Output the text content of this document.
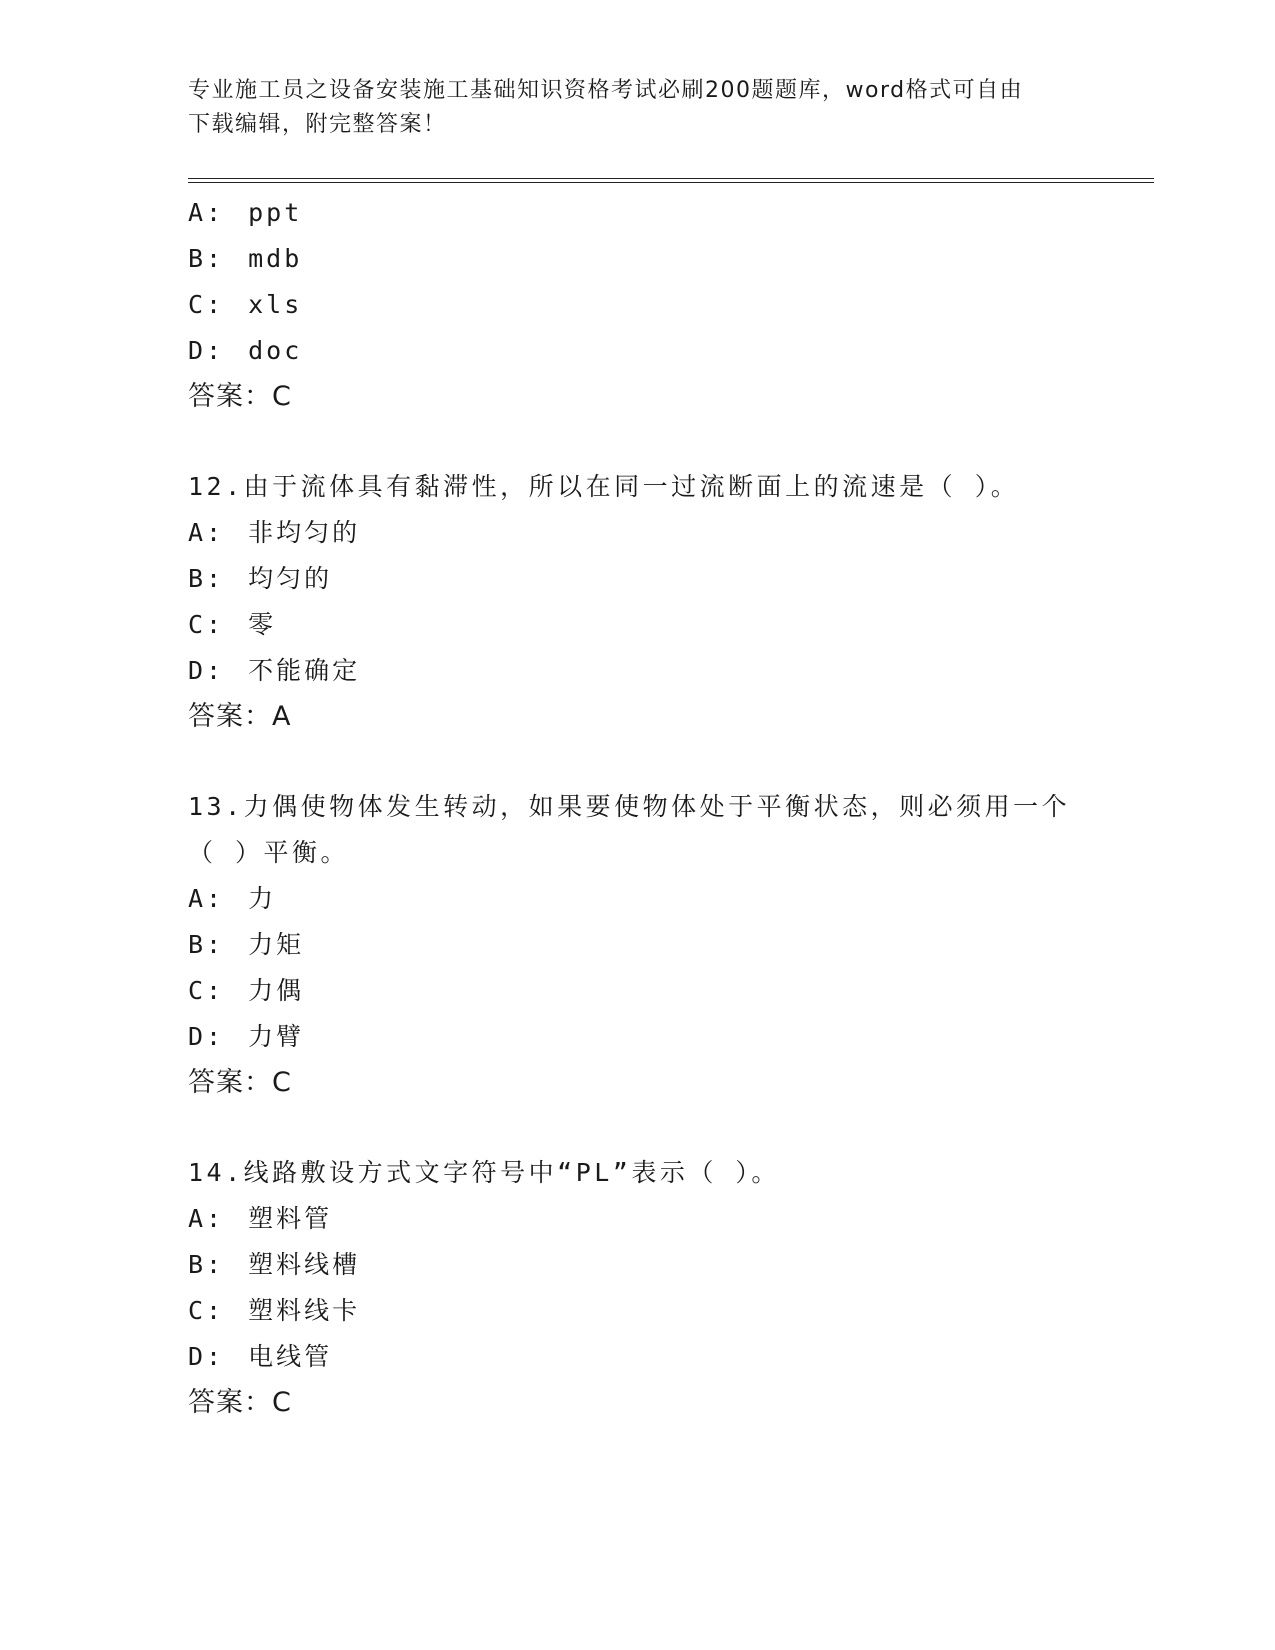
专业施工员之设备安装施工基础知识资格考试必刷200题题库，word格式可自由
下载编辑，附完整答案！
A: ppt
B: mdb
C: xls
D: doc
答案：C
12.由于流体具有黏滞性，所以在同一过流断面上的流速是（ ）。
A: 非均匀的
B: 均匀的
C: 零
D: 不能确定
答案：A
13.力偶使物体发生转动，如果要使物体处于平衡状态，则必须用一个
（ ）平衡。
A: 力
B: 力矩
C: 力偶
D: 力臂
答案：C
14.线路敷设方式文字符号中“PL”表示（ ）。
A: 塑料管
B: 塑料线槽
C: 塑料线卡
D: 电线管
答案：C
